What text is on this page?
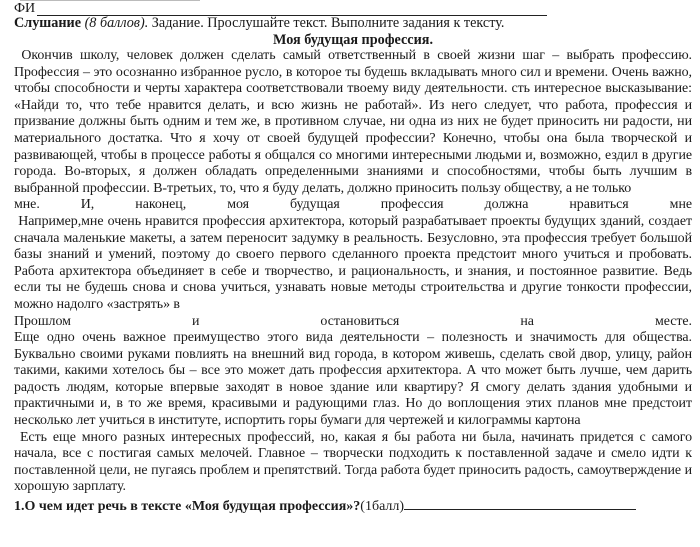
ФИ
Слушание (8 баллов). Задание. Прослушайте текст. Выполните задания к тексту.
Моя будущая профессия.

Окончив школу, человек должен сделать самый ответственный в своей жизни шаг – выбрать профессию. Профессия – это осознанно избранное русло, в которое ты будешь вкладывать много сил и времени. Очень важно, чтобы способности и черты характера соответствовали твоему виду деятельности. сть интересное высказывание: «Найди то, что тебе нравится делать, и всю жизнь не работай». Из него следует, что работа, профессия и призвание должны быть одним и тем же, в противном случае, ни одна из них не будет приносить ни радости, ни материального достатка. Что я хочу от своей будущей профессии? Конечно, чтобы она была творческой и развивающей, чтобы в процессе работы я общался со многими интересными людьми и, возможно, ездил в другие города. Во-вторых, я должен обладать определенными знаниями и способностями, чтобы быть лучшим в выбранной профессии. В-третьих, то, что я буду делать, должно приносить пользу обществу, а не только

мне. И, наконец, моя будущая профессия должна нравиться мне

Например,мне очень нравится профессия архитектора, который разрабатывает проекты будущих зданий, создает сначала маленькие макеты, а затем переносит задумку в реальность. Безусловно, эта профессия требует большой базы знаний и умений, поэтому до своего первого сделанного проекта предстоит много учиться и пробовать. Работа архитектора объединяет в себе и творчество, и рациональность, и знания, и постоянное развитие. Ведь если ты не будешь снова и снова учиться, узнавать новые методы строительства и другие тонкости профессии, можно надолго «застрять» в

Прошлом и остановиться на месте.

Еще одно очень важное преимущество этого вида деятельности – полезность и значимость для общества. Буквально своими руками повлиять на внешний вид города, в котором живешь, сделать свой двор, улицу, район такими, какими хотелось бы – все это может дать профессия архитектора. А что может быть лучше, чем дарить радость людям, которые впервые заходят в новое здание или квартиру? Я смогу делать здания удобными и практичными и, в то же время, красивыми и радующими глаз. Но до воплощения этих планов мне предстоит несколько лет учиться в институте, испортить горы бумаги для чертежей и килограммы картона

Есть еще много разных интересных профессий, но, какая я бы работа ни была, начинать придется с самого начала, все с постигая самых мелочей. Главное – творчески подходить к поставленной задаче и смело идти к поставленной цели, не пугаясь проблем и препятствий. Тогда работа будет приносить радость, самоутверждение и хорошую зарплату.

1.О чем идет речь в тексте «Моя будущая профессия»?(1балл)
